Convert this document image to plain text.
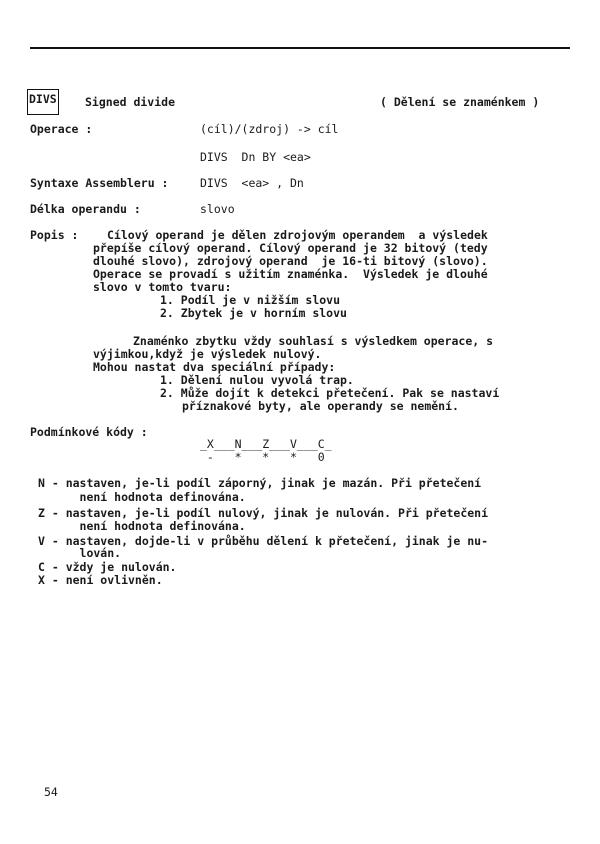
DIVS Signed divide	( Dělení se znaménkem )
Operace :	(cíl)/(zdroj) -> cíl
DIVS  Dn BY <ea>
Syntaxe Assembleru :	DIVS  <ea> , Dn
Délka operandu :	slovo
Popis : Cílový operand je dělen zdrojovým operandem  a výsledek
přepíše cílový operand. Cílový operand je 32 bitový (tedy
dlouhé slovo), zdrojový operand  je 16-ti bitový (slovo).
Operace se provadí s užitím znaménka.  Výsledek je dlouhé
slovo v tomto tvaru:
1. Podíl je v nižším slovu
2. Zbytek je v horním slovu
Znaménko zbytku vždy souhlasí s výsledkem operace, s
výjimkou,když je výsledek nulový.
Mohou nastat dva speciální případy:
1. Dělení nulou vyvolá trap.
2. Může dojít k detekci přetečení. Pak se nastaví
příznakové byty, ale operandy se nemění.
Podmínkové kódy :
_X___N___Z___V___C_
-   *   *   *   0
N - nastaven, je-li podíl záporný, jinak je mazán. Při přetečení
není hodnota definována.
Z - nastaven, je-li podíl nulový, jinak je nulován. Při přetečení
není hodnota definována.
V - nastaven, dojde-li v průběhu dělení k přetečení, jinak je nu-
lován.
C - vždy je nulován.
X - není ovlivněn.
54
